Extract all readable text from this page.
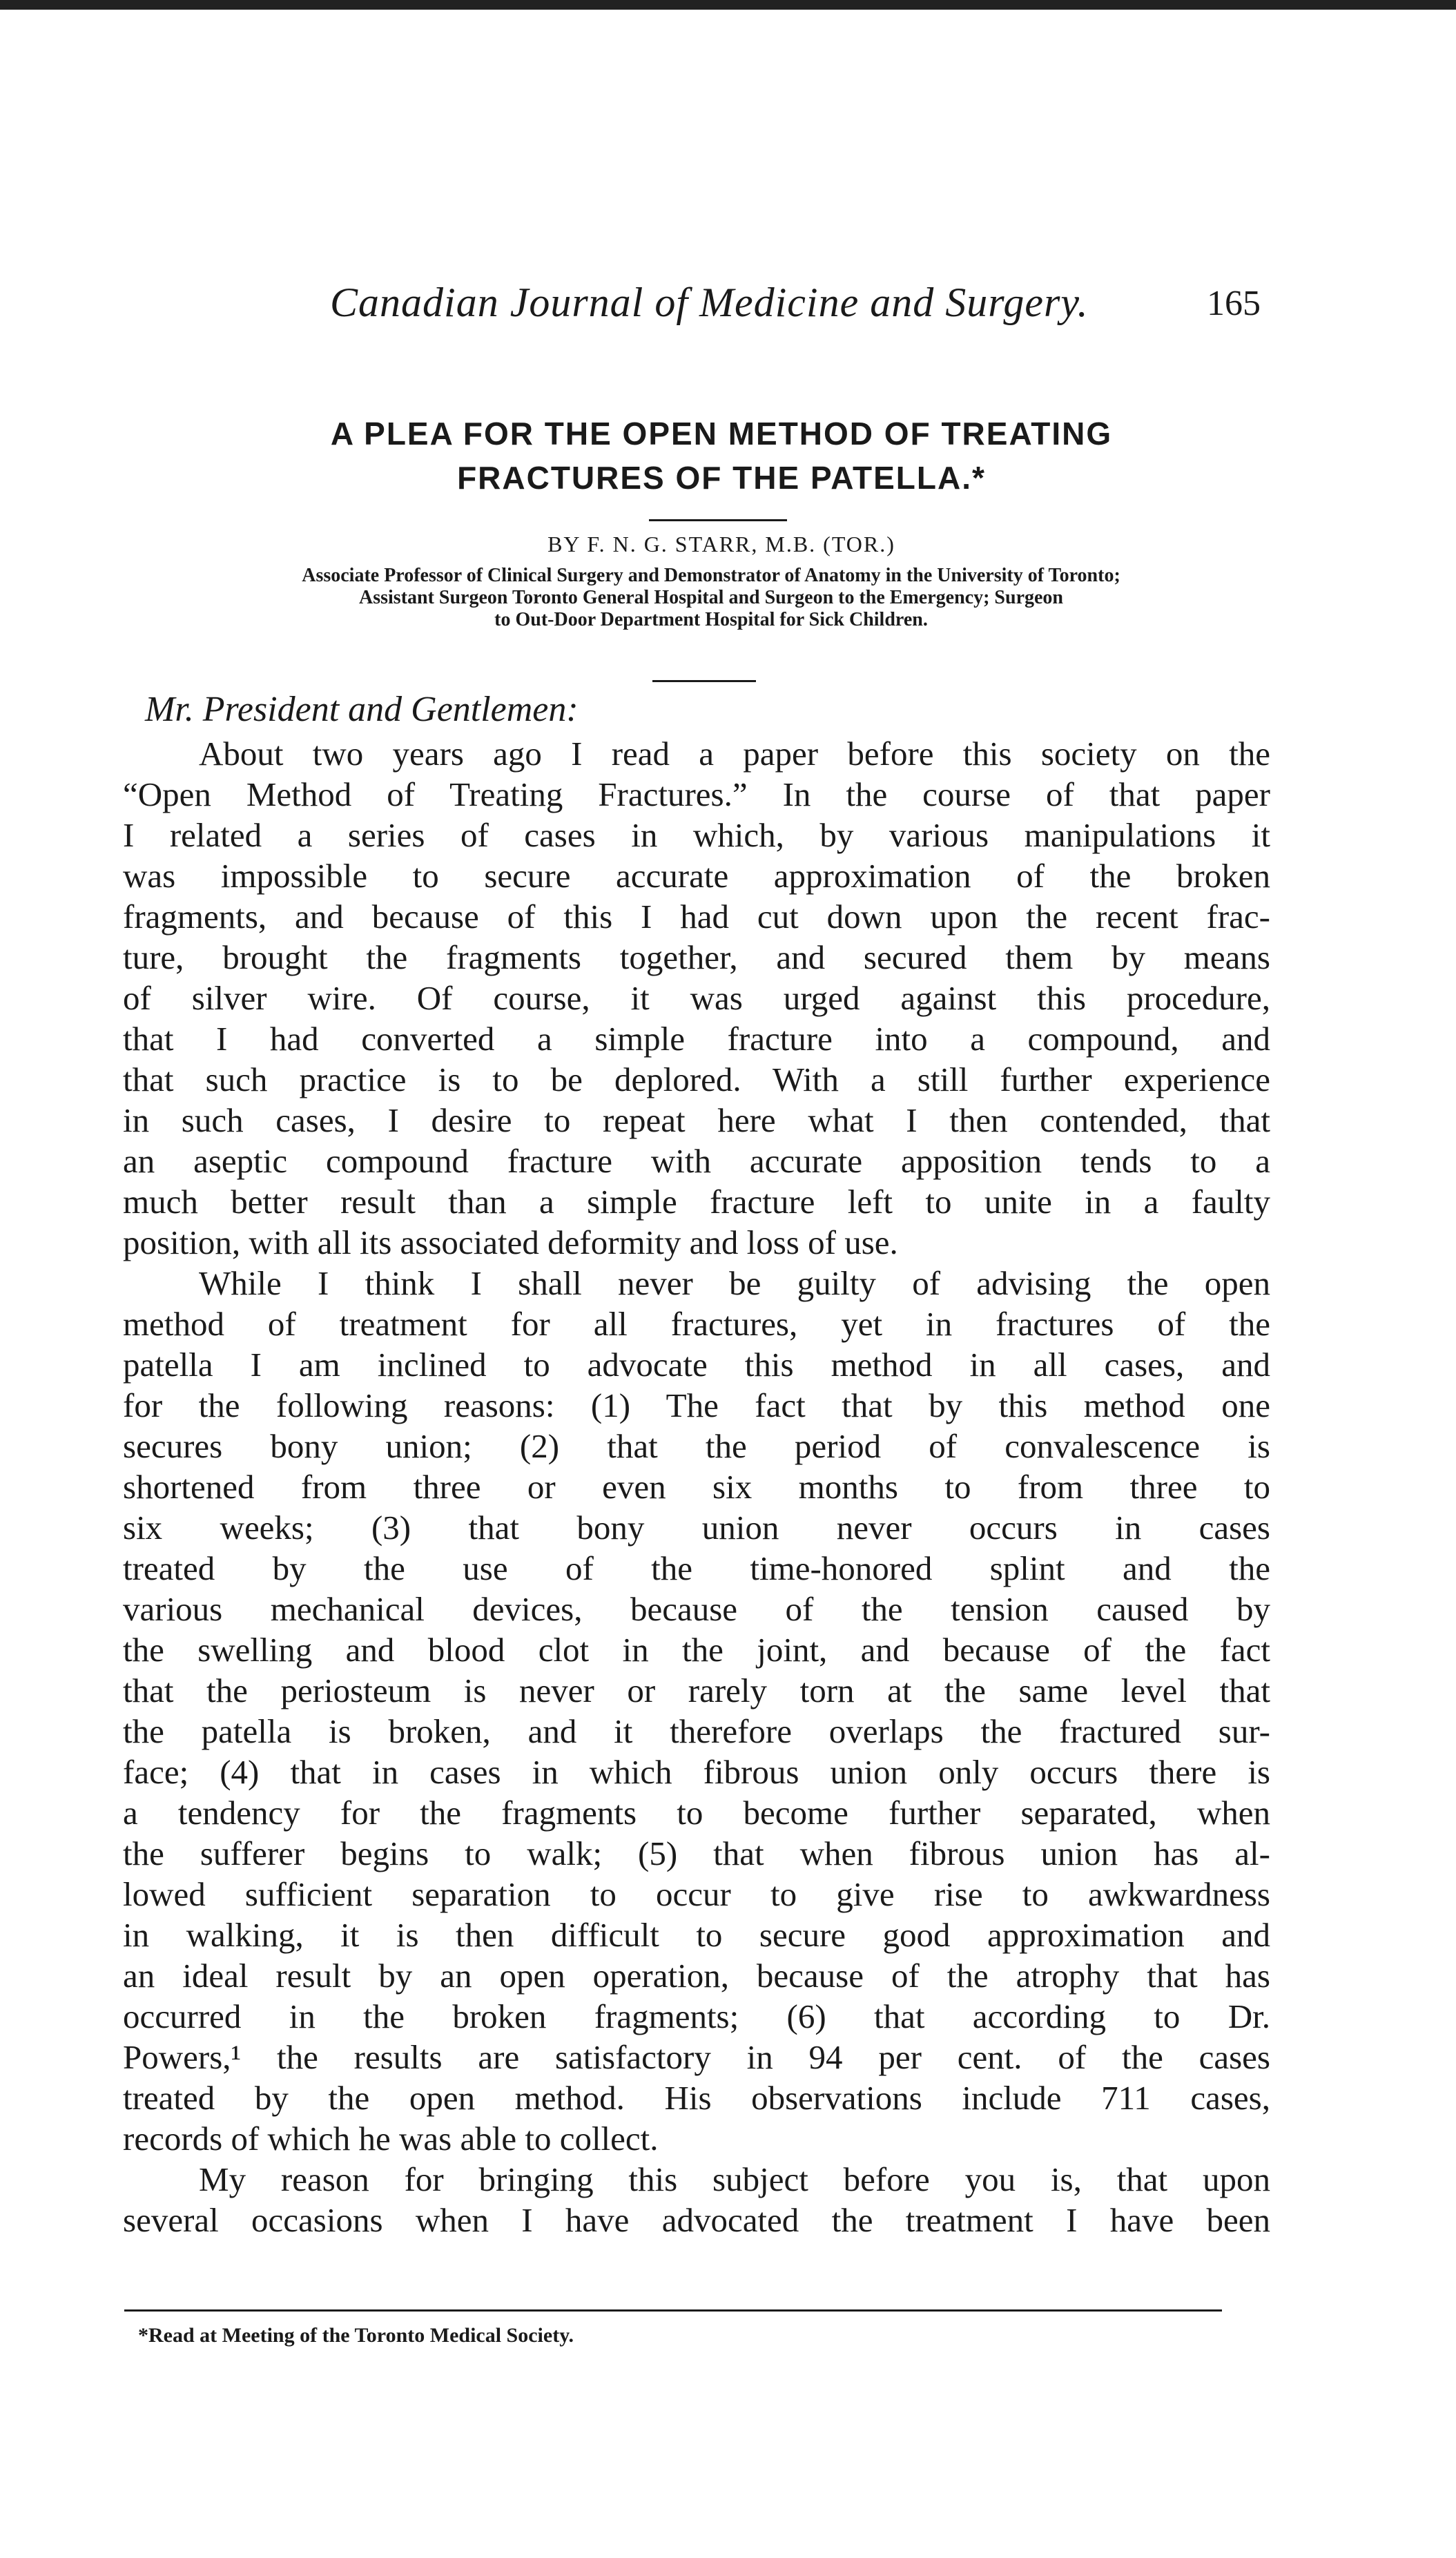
Canadian Journal of Medicine and Surgery.	165
A PLEA FOR THE OPEN METHOD OF TREATING
FRACTURES OF THE PATELLA.*
BY F. N. G. STARR, M.B. (TOR.)
Associate Professor of Clinical Surgery and Demonstrator of Anatomy in the University of Toronto;
Assistant Surgeon Toronto General Hospital and Surgeon to the Emergency; Surgeon
to Out-Door Department Hospital for Sick Children.
Mr. President and Gentlemen:
About two years ago I read a paper before this society on the
“Open Method of Treating Fractures.” In the course of that paper
I related a series of cases in which, by various manipulations it
was impossible to secure accurate approximation of the broken
fragments, and because of this I had cut down upon the recent frac-
ture, brought the fragments together, and secured them by means
of silver wire. Of course, it was urged against this procedure,
that I had converted a simple fracture into a compound, and
that such practice is to be deplored. With a still further experience
in such cases, I desire to repeat here what I then contended, that
an aseptic compound fracture with accurate apposition tends to a
much better result than a simple fracture left to unite in a faulty
position, with all its associated deformity and loss of use.
While I think I shall never be guilty of advising the open
method of treatment for all fractures, yet in fractures of the
patella I am inclined to advocate this method in all cases, and
for the following reasons: (1) The fact that by this method one
secures bony union; (2) that the period of convalescence is
shortened from three or even six months to from three to
six weeks; (3) that bony union never occurs in cases
treated by the use of the time-honored splint and the
various mechanical devices, because of the tension caused by
the swelling and blood clot in the joint, and because of the fact
that the periosteum is never or rarely torn at the same level that
the patella is broken, and it therefore overlaps the fractured sur-
face; (4) that in cases in which fibrous union only occurs there is
a tendency for the fragments to become further separated, when
the sufferer begins to walk; (5) that when fibrous union has al-
lowed sufficient separation to occur to give rise to awkwardness
in walking, it is then difficult to secure good approximation and
an ideal result by an open operation, because of the atrophy that has
occurred in the broken fragments; (6) that according to Dr.
Powers,¹ the results are satisfactory in 94 per cent. of the cases
treated by the open method. His observations include 711 cases,
records of which he was able to collect.
My reason for bringing this subject before you is, that upon
several occasions when I have advocated the treatment I have been
*Read at Meeting of the Toronto Medical Society.
